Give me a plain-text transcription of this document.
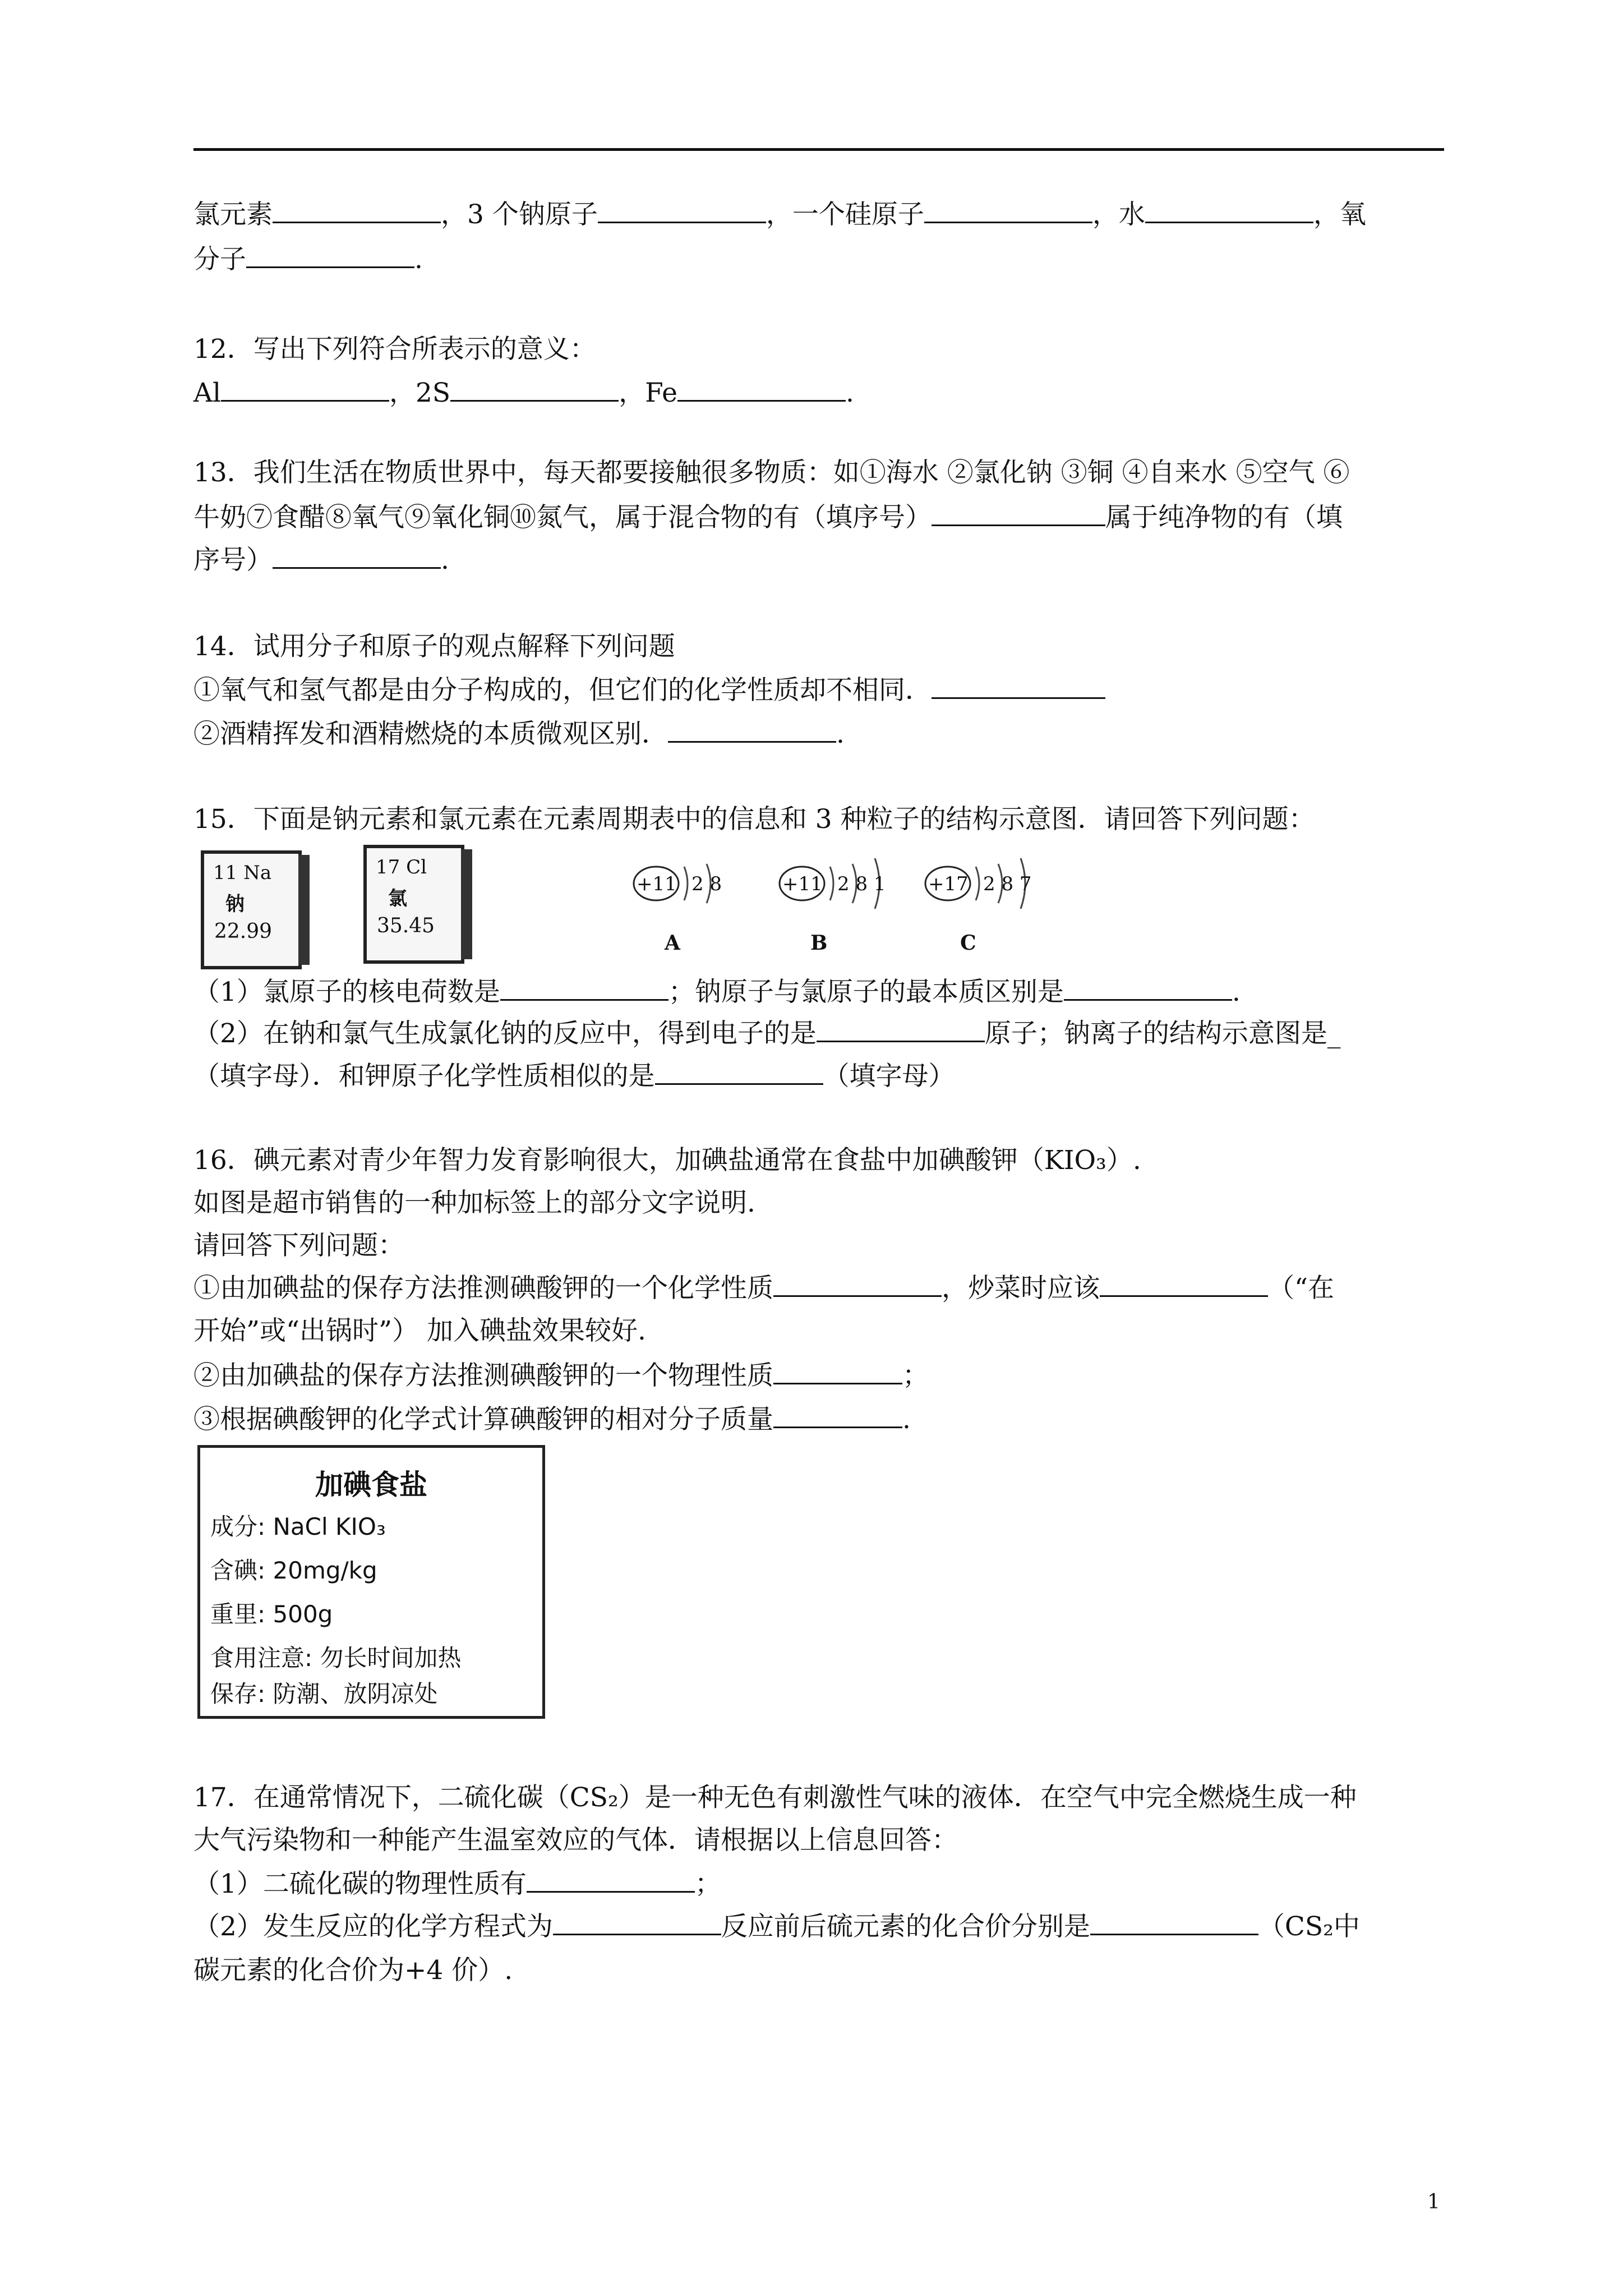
氯元素	，3 个钠原子	，一个硅原子	，水	，氧
分子	.
12．写出下列符合所表示的意义：
Al	，2S	，Fe	.
13．我们生活在物质世界中，每天都要接触很多物质：如①海水 ②氯化钠 ③铜 ④自来水 ⑤空气 ⑥
牛奶⑦食醋⑧氧气⑨氧化铜⑩氮气，属于混合物的有（填序号）	属于纯净物的有（填
序号）	.
14．试用分子和原子的观点解释下列问题
①氧气和氢气都是由分子构成的，但它们的化学性质却不相同．
②酒精挥发和酒精燃烧的本质微观区别．	.
15．下面是钠元素和氯元素在元素周期表中的信息和 3 种粒子的结构示意图．请回答下列问题：
（1）氯原子的核电荷数是	；钠原子与氯原子的最本质区别是	.
（2）在钠和氯气生成氯化钠的反应中，得到电子的是	原子；钠离子的结构示意图是_
（填字母）．和钾原子化学性质相似的是	（填字母）
16．碘元素对青少年智力发育影响很大，加碘盐通常在食盐中加碘酸钾（KIO₃）.
如图是超市销售的一种加标签上的部分文字说明.
请回答下列问题：
①由加碘盐的保存方法推测碘酸钾的一个化学性质	，炒菜时应该	（“在
开始”或“出锅时”） 加入碘盐效果较好.
②由加碘盐的保存方法推测碘酸钾的一个物理性质	；
③根据碘酸钾的化学式计算碘酸钾的相对分子质量	.
17．在通常情况下，二硫化碳（CS₂）是一种无色有刺激性气味的液体．在空气中完全燃烧生成一种
大气污染物和一种能产生温室效应的气体．请根据以上信息回答：
（1）二硫化碳的物理性质有	；
（2）发生反应的化学方程式为	反应前后硫元素的化合价分别是	（CS₂中
碳元素的化合价为+4 价）.
11 Na
钠
22.99
17 Cl
氯
35.45
+11 2 8
A
+11 2 8 1
B
+17 2 8 7
C
加碘食盐
成分: NaCl KIO₃
含碘: 20mg/kg
重里: 500g
食用注意: 勿长时间加热
保存: 防潮、放阴凉处
1
